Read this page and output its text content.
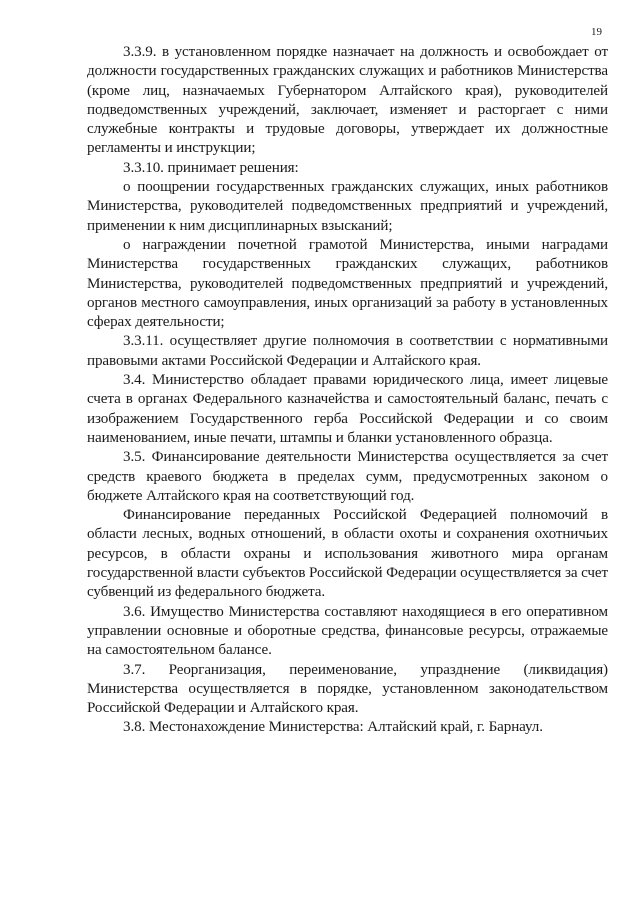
19

3.3.9. в установленном порядке назначает на должность и освобождает от должности государственных гражданских служащих и работников Министерства (кроме лиц, назначаемых Губернатором Алтайского края), руководителей подведомственных учреждений, заключает, изменяет и расторгает с ними служебные контракты и трудовые договоры, утверждает их должностные регламенты и инструкции;

3.3.10. принимает решения:

о поощрении государственных гражданских служащих, иных работников Министерства, руководителей подведомственных предприятий и учреждений, применении к ним дисциплинарных взысканий;

о награждении почетной грамотой Министерства, иными наградами Министерства государственных гражданских служащих, работников Министерства, руководителей подведомственных предприятий и учреждений, органов местного самоуправления, иных организаций за работу в установленных сферах деятельности;

3.3.11. осуществляет другие полномочия в соответствии с нормативными правовыми актами Российской Федерации и Алтайского края.

3.4. Министерство обладает правами юридического лица, имеет лицевые счета в органах Федерального казначейства и самостоятельный баланс, печать с изображением Государственного герба Российской Федерации и со своим наименованием, иные печати, штампы и бланки установленного образца.

3.5. Финансирование деятельности Министерства осуществляется за счет средств краевого бюджета в пределах сумм, предусмотренных законом о бюджете Алтайского края на соответствующий год.

Финансирование переданных Российской Федерацией полномочий в области лесных, водных отношений, в области охоты и сохранения охотничьих ресурсов, в области охраны и использования животного мира органам государственной власти субъектов Российской Федерации осуществляется за счет субвенций из федерального бюджета.

3.6. Имущество Министерства составляют находящиеся в его оперативном управлении основные и оборотные средства, финансовые ресурсы, отражаемые на самостоятельном балансе.

3.7. Реорганизация, переименование, упразднение (ликвидация) Министерства осуществляется в порядке, установленном законодательством Российской Федерации и Алтайского края.

3.8. Местонахождение Министерства: Алтайский край, г. Барнаул.
